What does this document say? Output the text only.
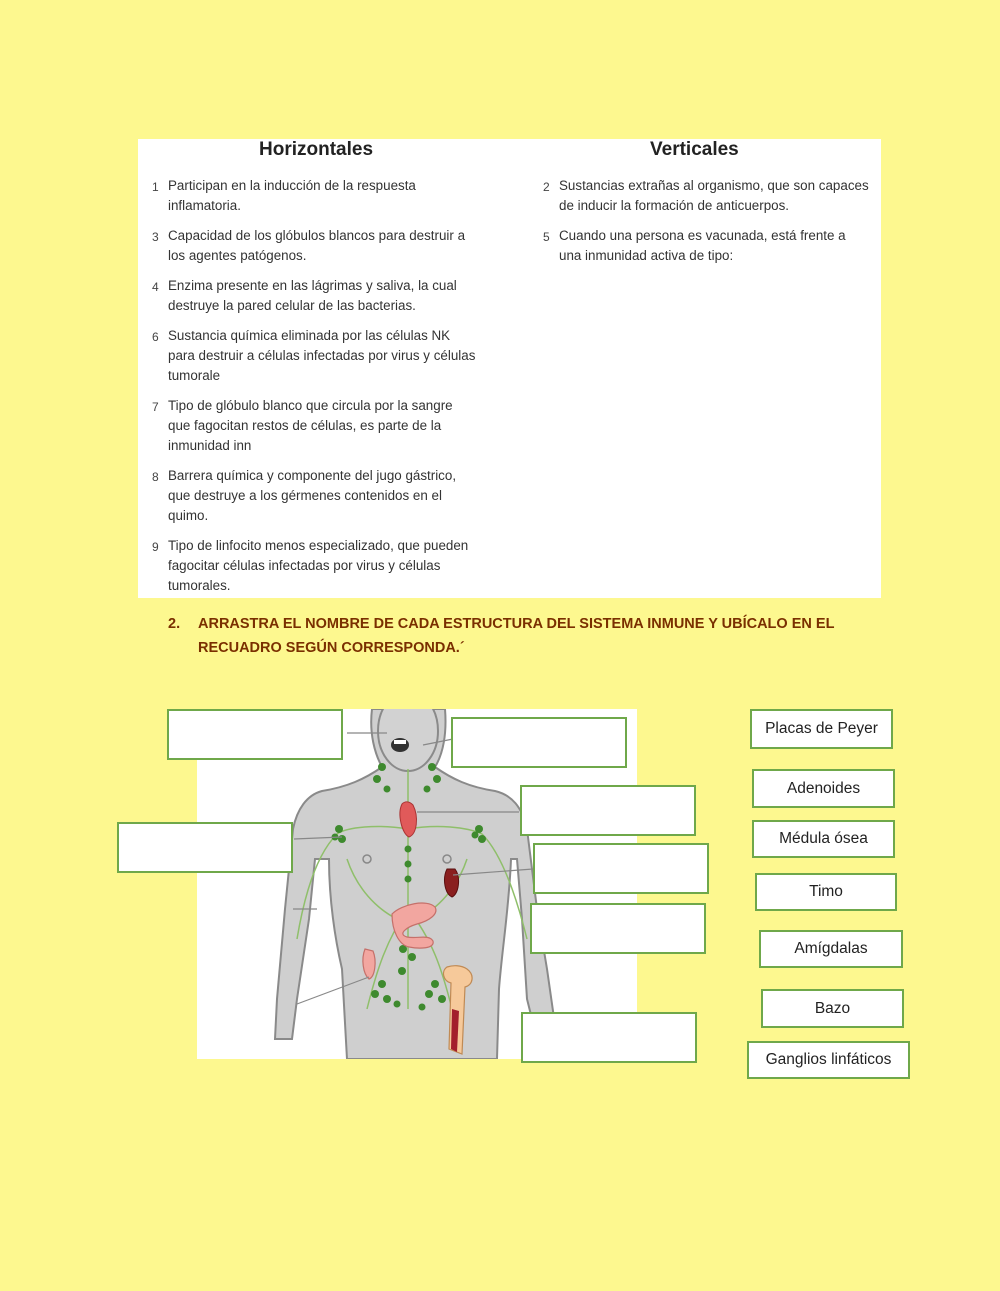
Horizontales	Verticales
1 Participan en la inducción de la respuesta inflamatoria.
3 Capacidad de los glóbulos blancos para destruir a los agentes patógenos.
4 Enzima presente en las lágrimas y saliva, la cual destruye la pared celular de las bacterias.
6 Sustancia química eliminada por las células NK para destruir a células infectadas por virus y células tumorale
7 Tipo de glóbulo blanco que circula por la sangre que fagocitan restos de células, es parte de la inmunidad inn
8 Barrera química y componente del jugo gástrico, que destruye a los gérmenes contenidos en el quimo.
9 Tipo de linfocito menos especializado, que pueden fagocitar células infectadas por virus y células tumorales.
2 Sustancias extrañas al organismo, que son capaces de inducir la formación de anticuerpos.
5 Cuando una persona es vacunada, está frente a una inmunidad activa de tipo:
2.	ARRASTRA EL NOMBRE DE CADA ESTRUCTURA DEL SISTEMA INMUNE Y UBÍCALO EN EL RECUADRO SEGÚN CORRESPONDA.´
Placas de Peyer
Adenoides
Médula ósea
Timo
Amígdalas
Bazo
Ganglios linfáticos
